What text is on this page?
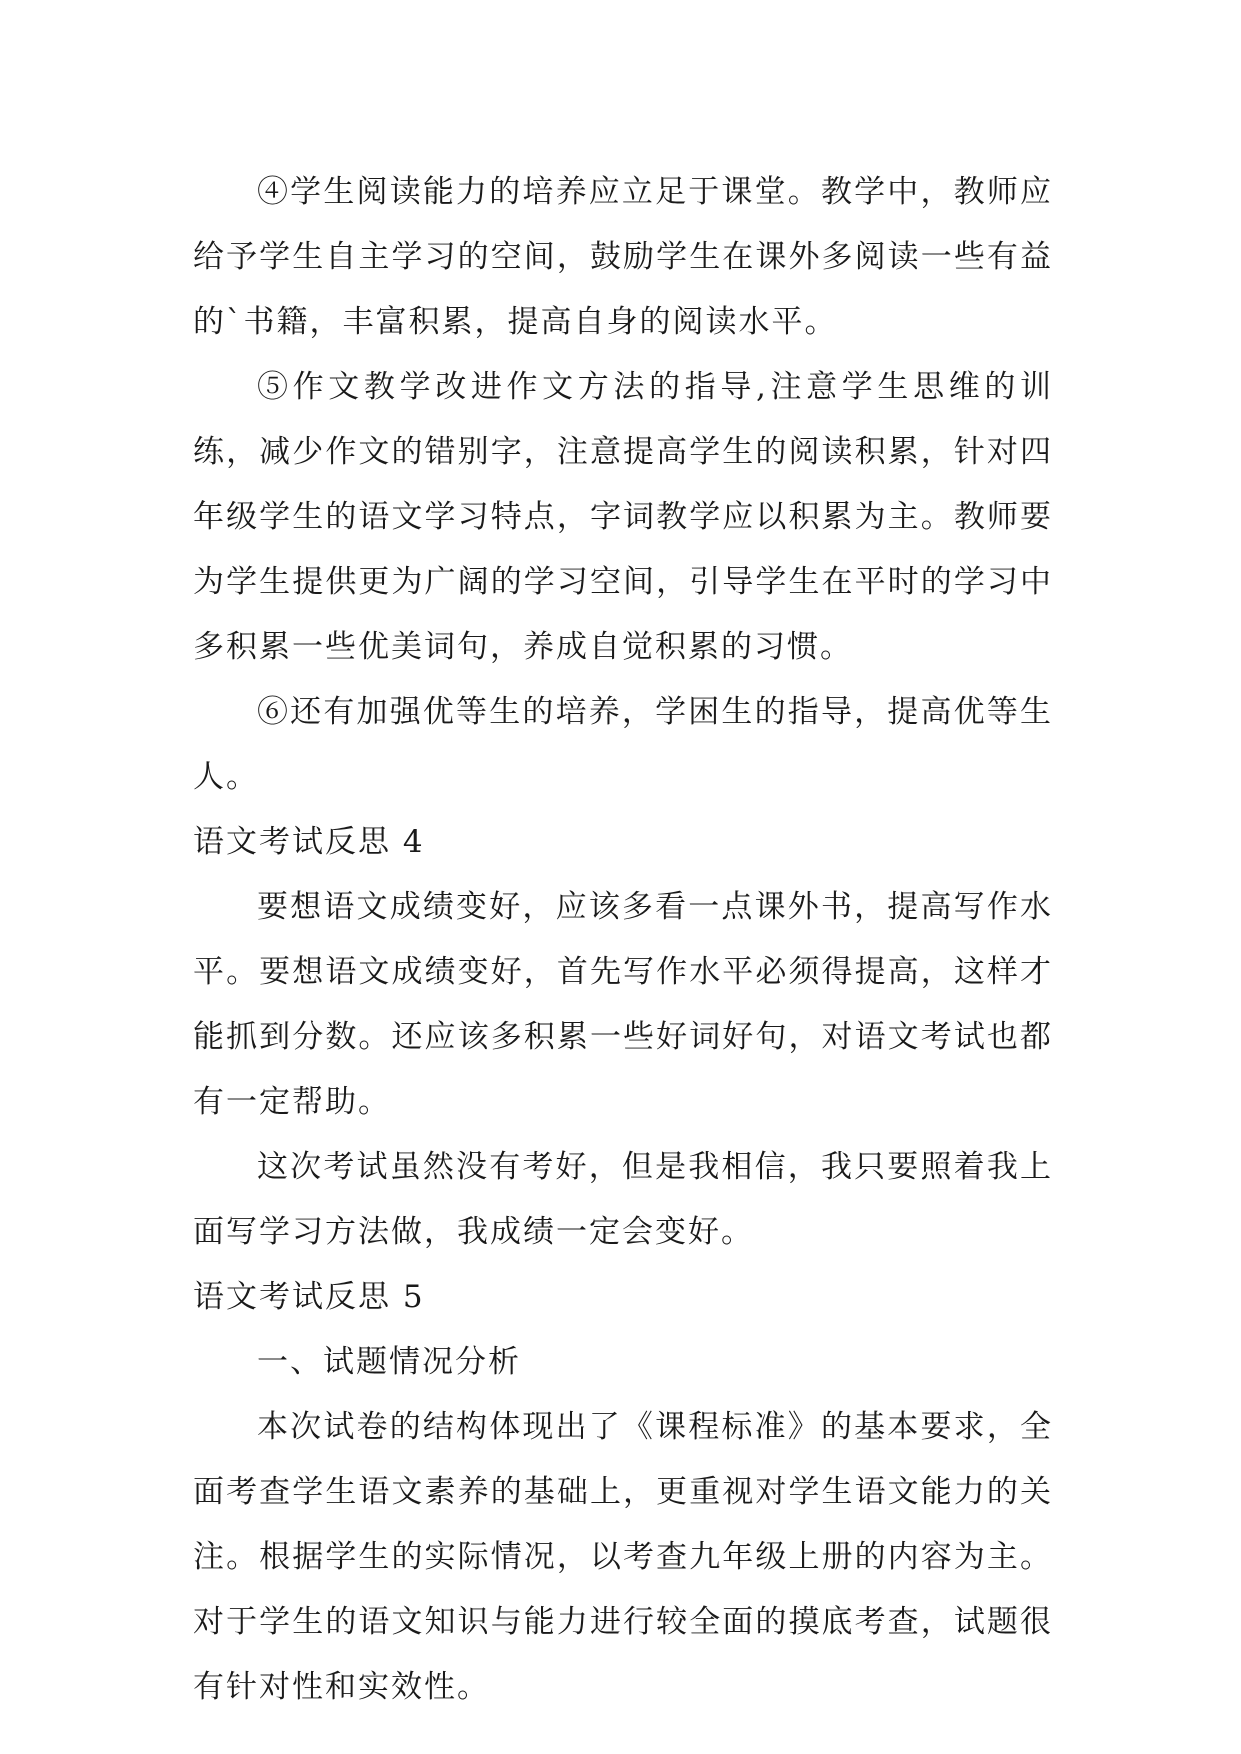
④学生阅读能力的培养应立足于课堂。教学中，教师应给予学生自主学习的空间，鼓励学生在课外多阅读一些有益的`书籍，丰富积累，提高自身的阅读水平。

⑤作文教学改进作文方法的指导,注意学生思维的训练，减少作文的错别字，注意提高学生的阅读积累，针对四年级学生的语文学习特点，字词教学应以积累为主。教师要为学生提供更为广阔的学习空间，引导学生在平时的学习中多积累一些优美词句，养成自觉积累的习惯。

⑥还有加强优等生的培养，学困生的指导，提高优等生人。

语文考试反思 4

要想语文成绩变好，应该多看一点课外书，提高写作水平。要想语文成绩变好，首先写作水平必须得提高，这样才能抓到分数。还应该多积累一些好词好句，对语文考试也都有一定帮助。

这次考试虽然没有考好，但是我相信，我只要照着我上面写学习方法做，我成绩一定会变好。

语文考试反思 5

一、试题情况分析

本次试卷的结构体现出了《课程标准》的基本要求，全面考查学生语文素养的基础上，更重视对学生语文能力的关注。根据学生的实际情况，以考查九年级上册的内容为主。对于学生的语文知识与能力进行较全面的摸底考查，试题很有针对性和实效性。
